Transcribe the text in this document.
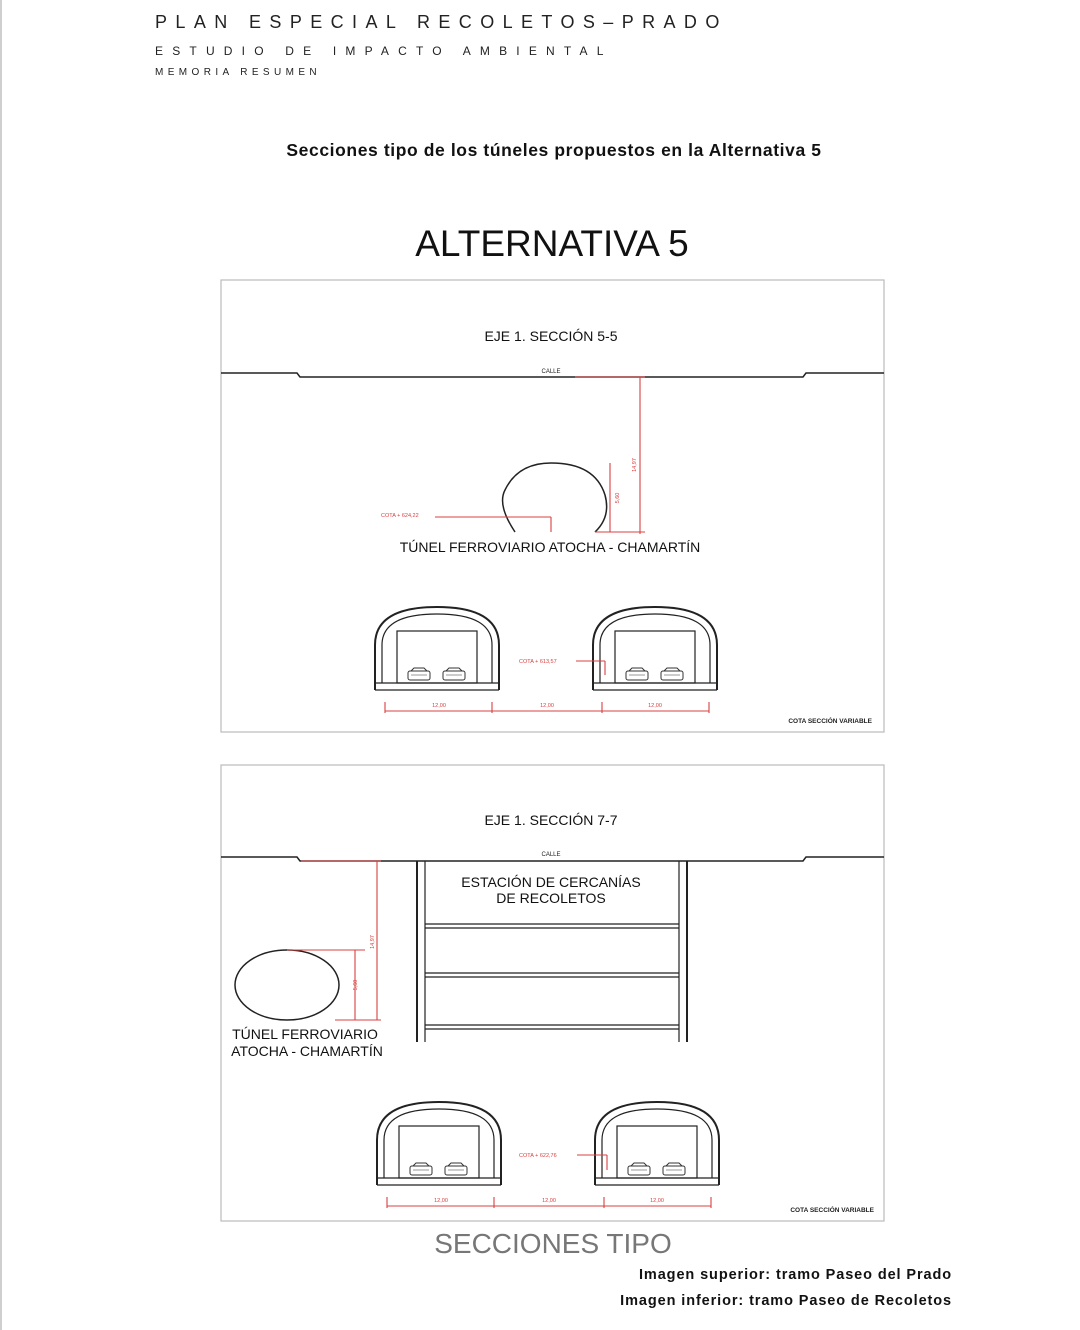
PLAN ESPECIAL RECOLETOS–PRADO
ESTUDIO DE IMPACTO AMBIENTAL
MEMORIA RESUMEN
Secciones tipo de los túneles propuestos en la Alternativa 5
ALTERNATIVA 5
EJE 1. SECCIÓN 5-5
CALLE
COTA + 624,22
14,97
5,60
TÚNEL FERROVIARIO ATOCHA - CHAMARTÍN
COTA + 613,57
12,00	12,00	12,00
COTA SECCIÓN VARIABLE
EJE 1. SECCIÓN 7-7
CALLE
ESTACIÓN DE CERCANÍAS
DE RECOLETOS
14,97
5,60
TÚNEL FERROVIARIO
ATOCHA - CHAMARTÍN
COTA + 622,76
12,00	12,00	12,00
COTA SECCIÓN VARIABLE
SECCIONES TIPO
Imagen superior: tramo Paseo del Prado
Imagen inferior: tramo Paseo de Recoletos
